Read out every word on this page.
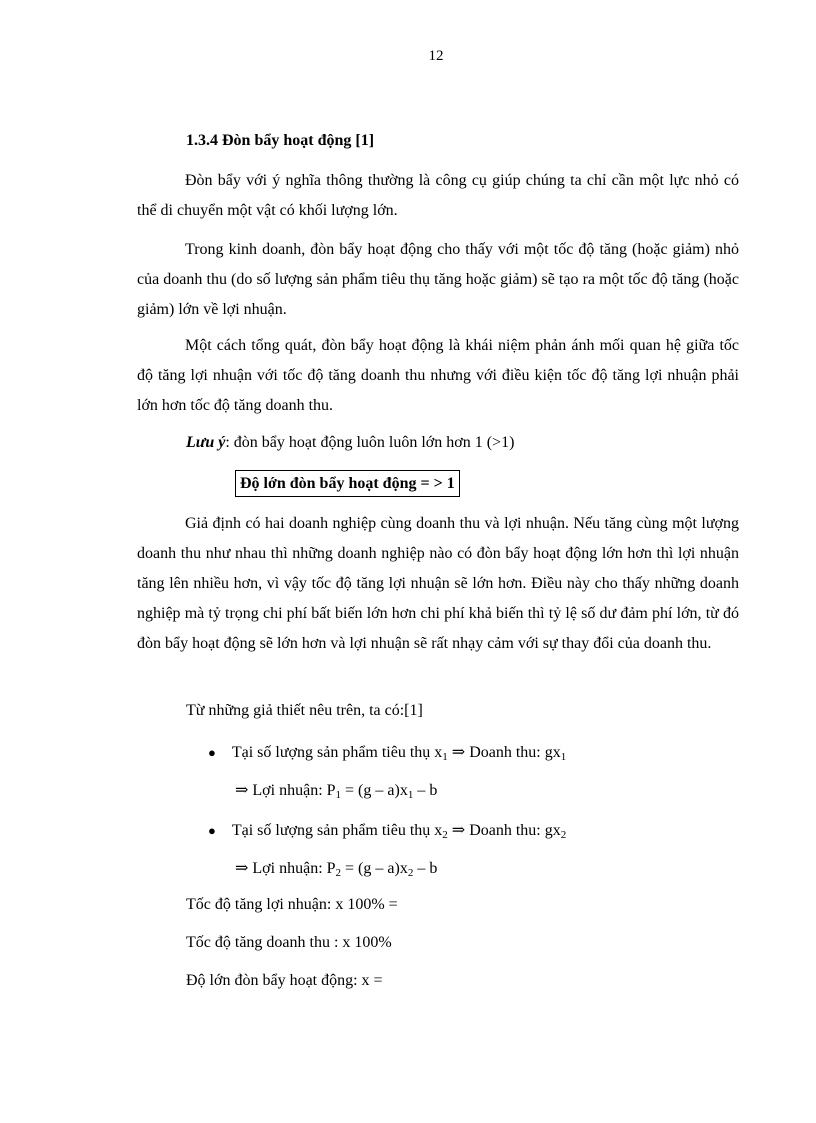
12
1.3.4 Đòn bẩy hoạt động [1]
Đòn bẩy với ý nghĩa thông thường là công cụ giúp chúng ta chỉ cần một lực nhỏ có thể di chuyển một vật có khối lượng lớn.
Trong kinh doanh, đòn bẩy hoạt động cho thấy với một tốc độ tăng (hoặc giảm) nhỏ của doanh thu (do số lượng sản phẩm tiêu thụ tăng hoặc giảm) sẽ tạo ra một tốc độ tăng (hoặc giảm) lớn về lợi nhuận.
Một cách tổng quát, đòn bẩy hoạt động là khái niệm phản ánh mối quan hệ giữa tốc độ tăng lợi nhuận với tốc độ tăng doanh thu nhưng với điều kiện tốc độ tăng lợi nhuận phải lớn hơn tốc độ tăng doanh thu.
Lưu ý: đòn bẩy hoạt động luôn luôn lớn hơn 1 (>1)
Độ lớn đòn bẩy hoạt động = > 1
Giả định có hai doanh nghiệp cùng doanh thu và lợi nhuận. Nếu tăng cùng một lượng doanh thu như nhau thì những doanh nghiệp nào có đòn bẩy hoạt động lớn hơn thì lợi nhuận tăng lên nhiều hơn, vì vậy tốc độ tăng lợi nhuận sẽ lớn hơn. Điều này cho thấy những doanh nghiệp mà tỷ trọng chi phí bất biến lớn hơn chi phí khả biến thì tỷ lệ số dư đảm phí lớn, từ đó đòn bẩy hoạt động sẽ lớn hơn và lợi nhuận sẽ rất nhạy cảm với sự thay đổi của doanh thu.
Từ những giả thiết nêu trên, ta có:[1]
● Tại số lượng sản phẩm tiêu thụ $x_1$ ⇒ Doanh thu: $gx_1$
⇒ Lợi nhuận: $P_1 = (g - a)x_1 - b$
● Tại số lượng sản phẩm tiêu thụ $x_2$ ⇒ Doanh thu: $gx_2$
⇒ Lợi nhuận: $P_2 = (g - a)x_2 - b$
Tốc độ tăng lợi nhuận: x 100% =
Tốc độ tăng doanh thu : x 100%
Độ lớn đòn bẩy hoạt động: x =
